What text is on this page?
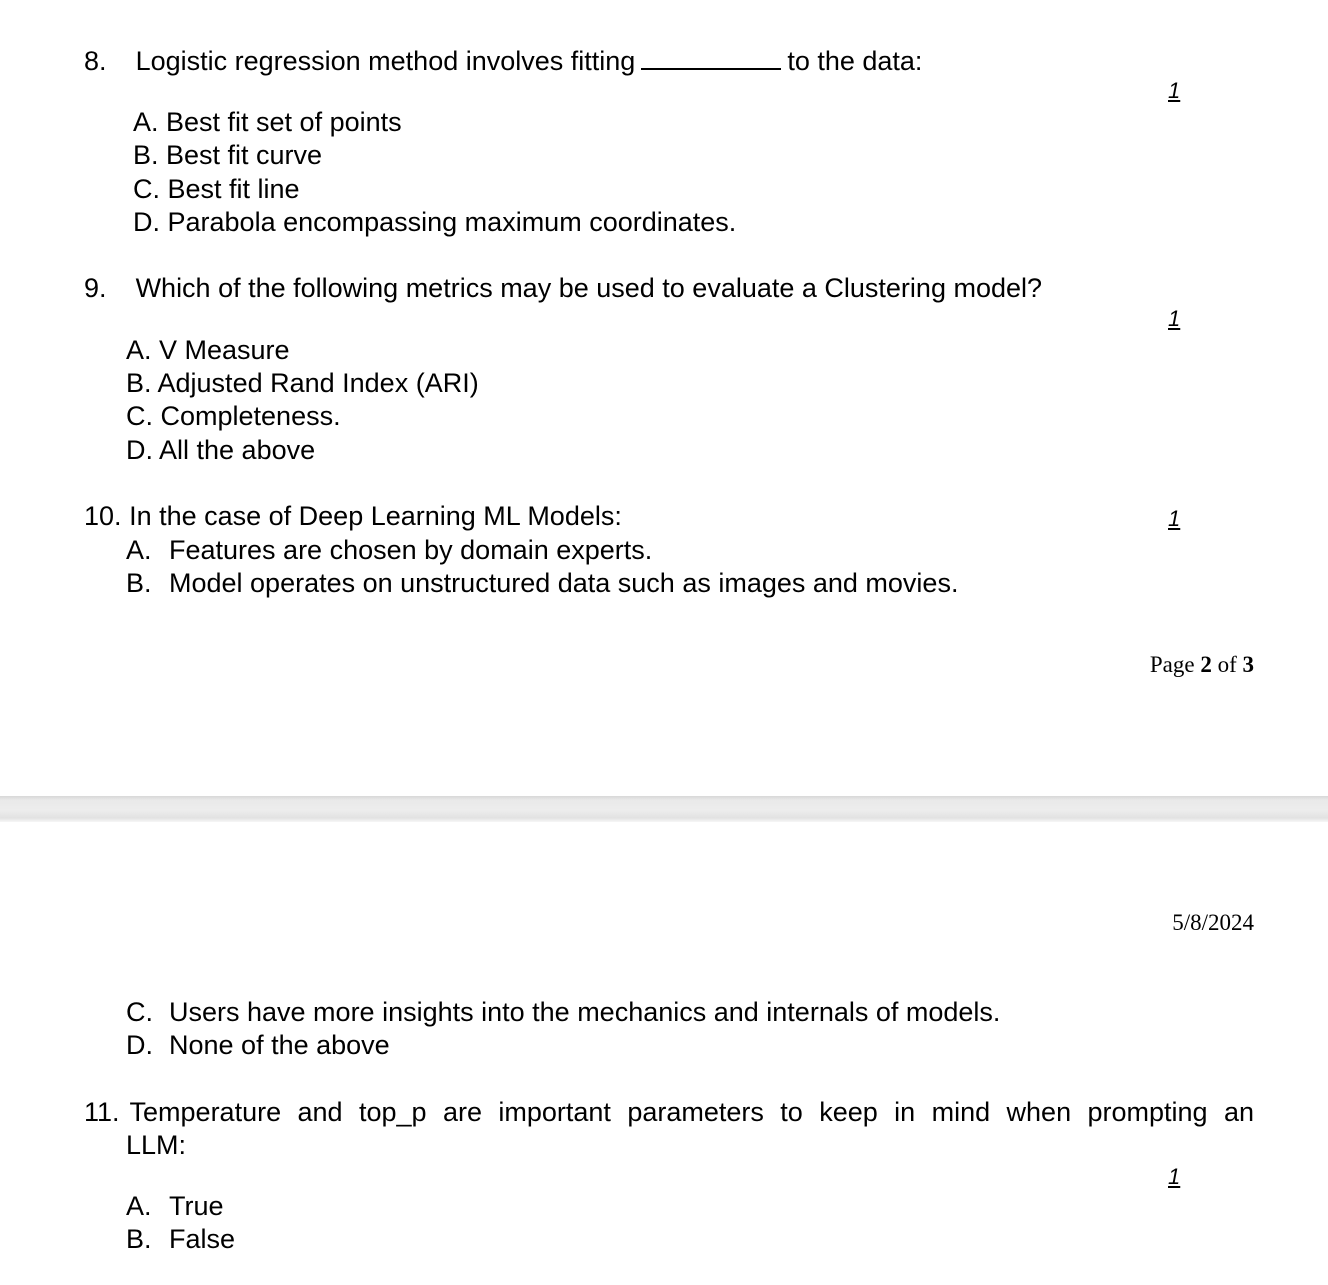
8. Logistic regression method involves fitting	to the data:
1
A. Best fit set of points
B. Best fit curve
C. Best fit line
D. Parabola encompassing maximum coordinates.
9. Which of the following metrics may be used to evaluate a Clustering model?
1
A. V Measure
B. Adjusted Rand Index (ARI)
C. Completeness.
D. All the above
10. In the case of Deep Learning ML Models:	1
A. Features are chosen by domain experts.
B. Model operates on unstructured data such as images and movies.
Page 2 of 3
5/8/2024
C. Users have more insights into the mechanics and internals of models.
D. None of the above
11. Temperature and top_p are important parameters to keep in mind when prompting an
LLM:
1
A. True
B. False
